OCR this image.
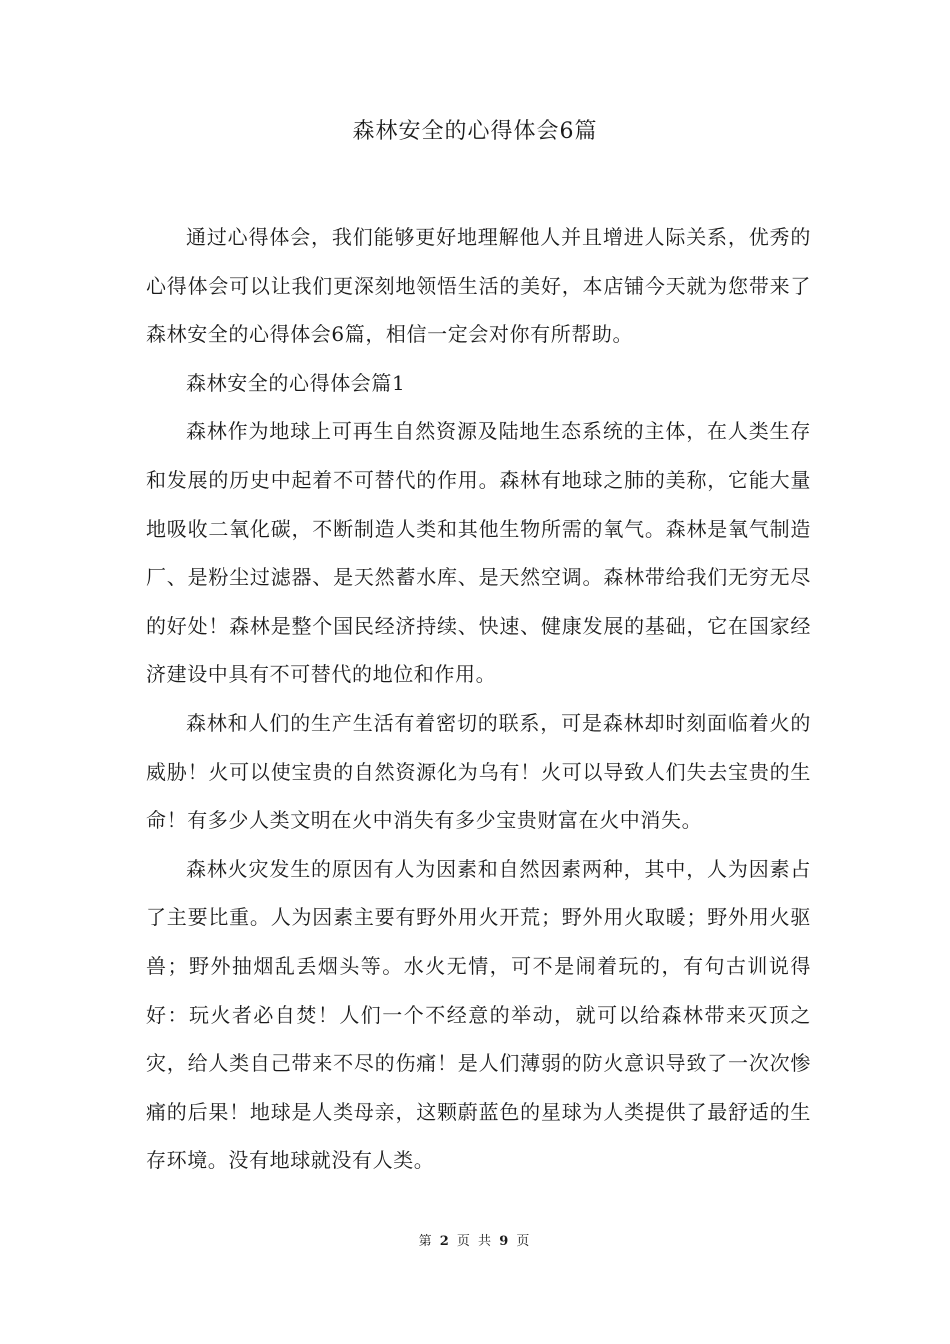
森林安全的心得体会6篇

通过心得体会，我们能够更好地理解他人并且增进人际关系，优秀的心得体会可以让我们更深刻地领悟生活的美好，本店铺今天就为您带来了森林安全的心得体会6篇，相信一定会对你有所帮助。

森林安全的心得体会篇1

森林作为地球上可再生自然资源及陆地生态系统的主体，在人类生存和发展的历史中起着不可替代的作用。森林有地球之肺的美称，它能大量地吸收二氧化碳，不断制造人类和其他生物所需的氧气。森林是氧气制造厂、是粉尘过滤器、是天然蓄水库、是天然空调。森林带给我们无穷无尽的好处！森林是整个国民经济持续、快速、健康发展的基础，它在国家经济建设中具有不可替代的地位和作用。

森林和人们的生产生活有着密切的联系，可是森林却时刻面临着火的威胁！火可以使宝贵的自然资源化为乌有！火可以导致人们失去宝贵的生命！有多少人类文明在火中消失有多少宝贵财富在火中消失。

森林火灾发生的原因有人为因素和自然因素两种，其中，人为因素占了主要比重。人为因素主要有野外用火开荒；野外用火取暖；野外用火驱兽；野外抽烟乱丢烟头等。水火无情，可不是闹着玩的，有句古训说得好：玩火者必自焚！人们一个不经意的举动，就可以给森林带来灭顶之灾，给人类自己带来不尽的伤痛！是人们薄弱的防火意识导致了一次次惨痛的后果！地球是人类母亲，这颗蔚蓝色的星球为人类提供了最舒适的生存环境。没有地球就没有人类。

第 2 页 共 9 页
